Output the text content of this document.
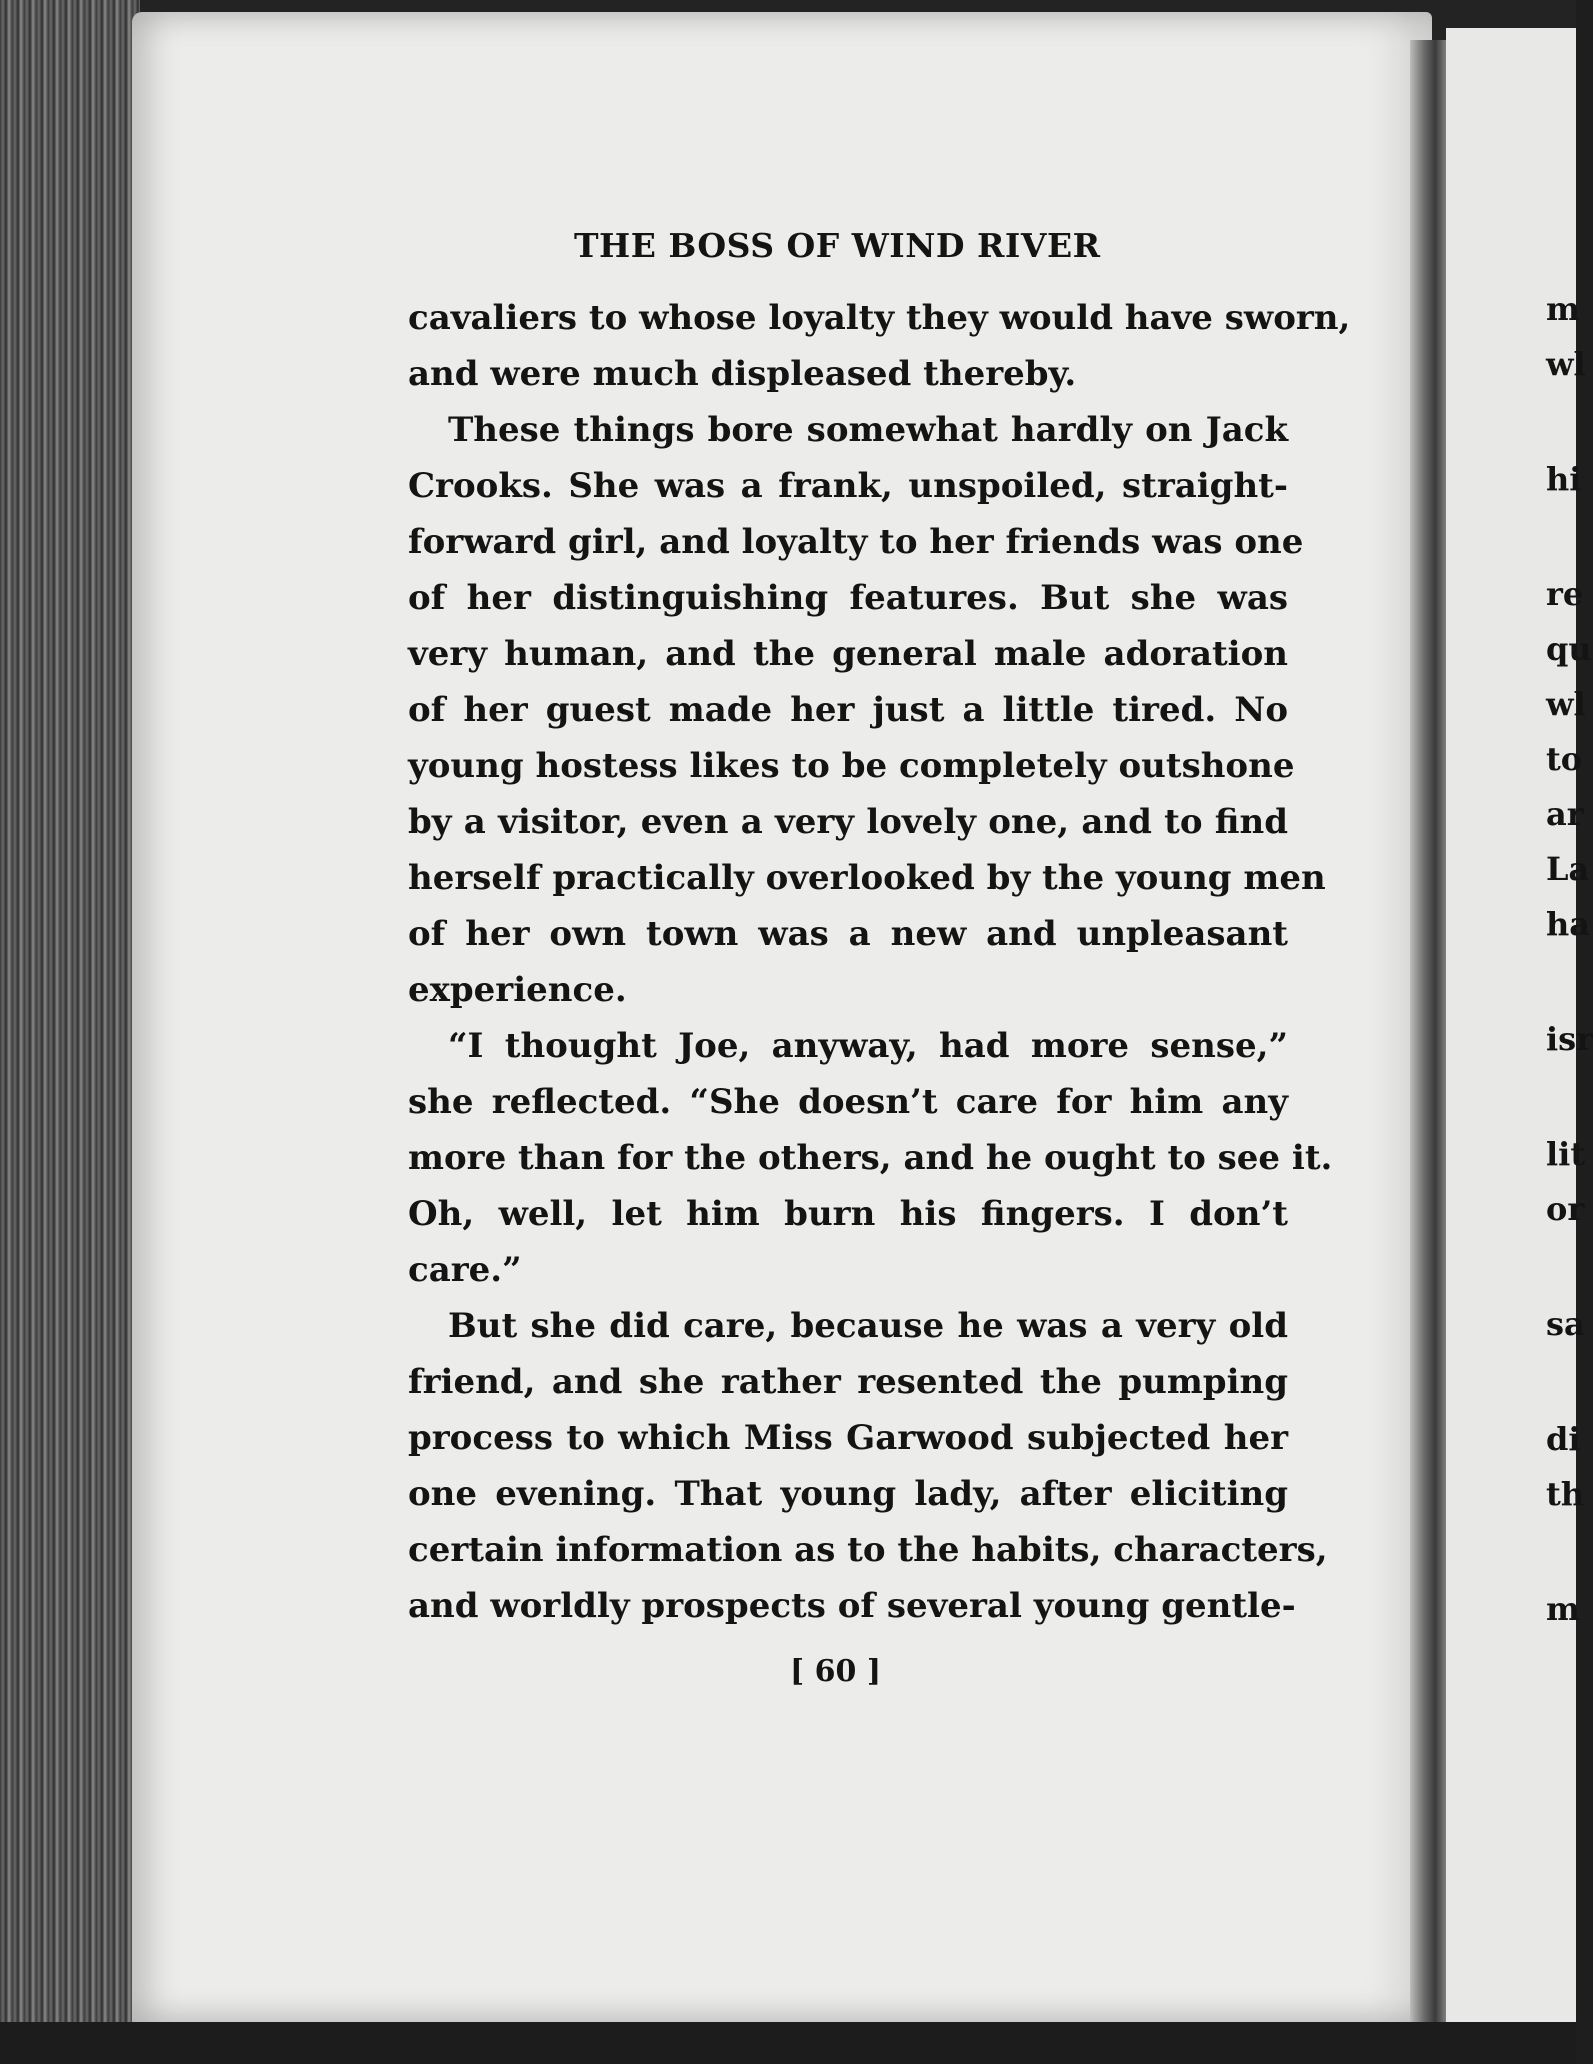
THE BOSS OF WIND RIVER

cavaliers to whose loyalty they would have sworn,

and were much displeased thereby.

These things bore somewhat hardly on Jack

Crooks. She was a frank, unspoiled, straight-

forward girl, and loyalty to her friends was one

of her distinguishing features. But she was

very human, and the general male adoration

of her guest made her just a little tired. No

young hostess likes to be completely outshone

by a visitor, even a very lovely one, and to find

herself practically overlooked by the young men

of her own town was a new and unpleasant

experience.

“I thought Joe, anyway, had more sense,”

she reflected. “She doesn’t care for him any

more than for the others, and he ought to see it.

Oh, well, let him burn his fingers. I don’t

care.”

But she did care, because he was a very old

friend, and she rather resented the pumping

process to which Miss Garwood subjected her

one evening. That young lady, after eliciting

certain information as to the habits, characters,

and worldly prospects of several young gentle-

[ 60 ]

m

wl

hi

re

qu

wl

to

ar

La

ha

isr

lit

or

sa

di

th

m
